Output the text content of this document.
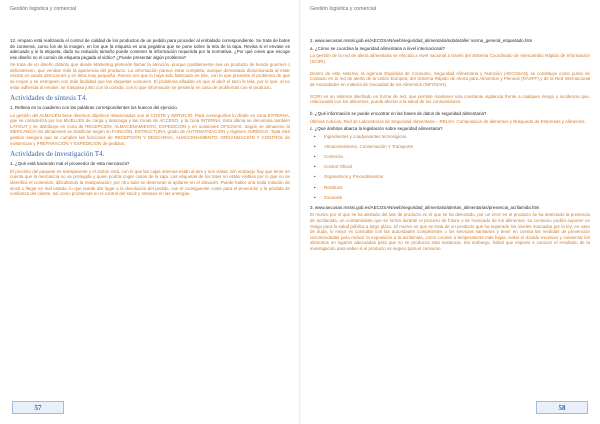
Gestión logística y comercial

12. Amparo está realizando el control de calidad de los productos de un pedido para proceder al embalado correspondiente. Se trata de botes de conserva, como los de la imagen, en los que la etiqueta es una pegatina que se pone sobre la tela de la tapa. Revisa si el envase es adecuado y si la etiqueta, dado su reducido tamaño puede contener la información requerida por la normativa. ¿Por qué crees que escoge ese diseño no el común de etiqueta pegada al vidrio? ¿Puede presentar algún problema?

Se trata de un diseño distinto que desde Marketing pretende llamar la atención, porque posiblemente sea un producto de tienda gourmet o delicatessen, que vendan más la apariencia del producto. La información parece estar completa, aunque demasiado distorsionada al estar escrita en varias direcciones y en letra muy pequeña. Parece ser que lo haya sido fabricado en lote, con lo que presente el problema de que se mojen o se estropeen con más facilidad que las etiquetas comunes. El problema añadido es que al abrir el tarro le tela, por lo que, al no estar adherida al envase, se traspasa junto con la comida, con lo que información se perdería en caso de problemas con el producto.

Actividades de síntesis T4.

1. Rellena en tu cuaderno con las palabras correspondientes los huecos del ejercicio.

La gestión del ALMACÉN tiene diversos objetivos relacionados con el COSTE y SERVICIO. Para conseguirlos lo divide en zona EXTERNA, que se caracteriza por los MUELLES de carga y descarga y las zonas de ACCESO, y la zona INTERNA. Esta última se denomina también LAYOUT y se distribuye en zona de RECEPCIÓN, ALMACENAMIENTO, EXPEDICIÓN y en ocasiones OFICINAS. Según se almacene la MERCANCÍA los almacenes se clasifican según su FUNCIÓN, ESTRUCTURA, grado de AUTOMATIZACIÓN y régimen JURÍDICO. Toda esta gestión asegura que se cumplen las funciones de RECEPCIÓN Y DESCARGA, ALMACENAMIENTO, ORGANIZACIÓN Y CONTROL de existencias y PREPARACIÓN Y EXPEDICIÓN de pedidos.

Actividades de investigación T4.

1. ¿Qué está haciendo mal el proveedor de esta mercancía?

El precinto del paquete es transparente y el cartón está, con lo que las cajas internas están al aire y son vistas. Sin embargo hay que tener en cuenta que la mercancía no va protegida y quien podría coger cosas de la caja. Las etiquetas de los lotes no están visibles por lo que no se identifica el contenido, dificultando la manipulación; por otro lado se deterioran al apilarse en el almacén. Puede haber una mala rotación de stock o llegar en mal estado, lo que puede dar lugar a la devolución del pedido, con el consiguiente coste para el proveedor y la pérdida de confianza del cliente, así como problemas en el control del stock y retrasos en las entregas.

57
Gestión logística y comercial

2. www.aecosan.msssi.gob.es/AECOSAN/web/seguridad_alimentaria/subdetalle/ norma_general_etiquetado.htm

a. ¿Cómo se coordina la seguridad alimentaria a nivel internacional?

La gestión de la red de alerta alimentaria se efectúa a nivel nacional a través del Sistema Coordinado de Intercambio Rápido de Información (SCIRI).

Dentro de este sistema, la Agencia Española de Consumo, Seguridad Alimentaria y Nutrición (AECOSAN) se constituye como punto de contacto en la red de alerta de la Unión Europea, del Sistema Rápido de Alerta para Alimentos y Piensos (RASFF) y de la Red Internacional de Autoridades en materia de Inocuidad de los Alimentos (INFOSAN).

SCIRI es un sistema diseñado en forma de red, que permite mantener una constante vigilancia frente a cualquier riesgo o incidencia que, relacionada con los alimentos, pueda afectar a la salud de los consumidores.

b. ¿Qué información se puede encontrar en las bases de datos de seguridad alimentaria?

Últimas noticias, Red de Laboratorios de Seguridad Alimentaria – RELSA. Composición de alimentos y Búsqueda de Empresas y Alimentos.

c. ¿Qué ámbitos abarca la legislación sobre seguridad alimentaria?

•	Ingredientes y coadyuvantes tecnológicos
•	Almacenamiento, Conservación Y Transporte
•	Comercio
•	Control Oficial
•	Organismos y Procedimientos
•	Residuos
•	Zoonosis

3. www.aecosan.msssi.gob.es/AECOSAN/web/seguridad_alimentaria/alertas_alimentarias/presencia_acrilamida.htm

El motivo por el que se ha alertado del lote de producto en el que se ha detectado, por un error en el producto se ha detectado la presencia de acrilamida, un contaminante que se forma durante el proceso de fritura o de horneado de los alimentos; su consumo podría suponer un riesgo para la salud pública a largo plazo. El motivo es que se trata de un producto que ha superado los niveles marcados por la ley; en caso de duda, lo mejor es consultar con las autoridades competentes o los servicios sanitarios y tener en cuenta las medidas de prevención recomendadas para reducir la exposición a la acrilamida, como cocinar a temperaturas más bajas, evitar el dorado excesivo y conservar los alimentos en lugares adecuados para que no se produzca esta sustancia. Sin embargo, habrá que esperar a conocer el resultado de la investigación para saber si el producto es seguro para el consumo.

58
